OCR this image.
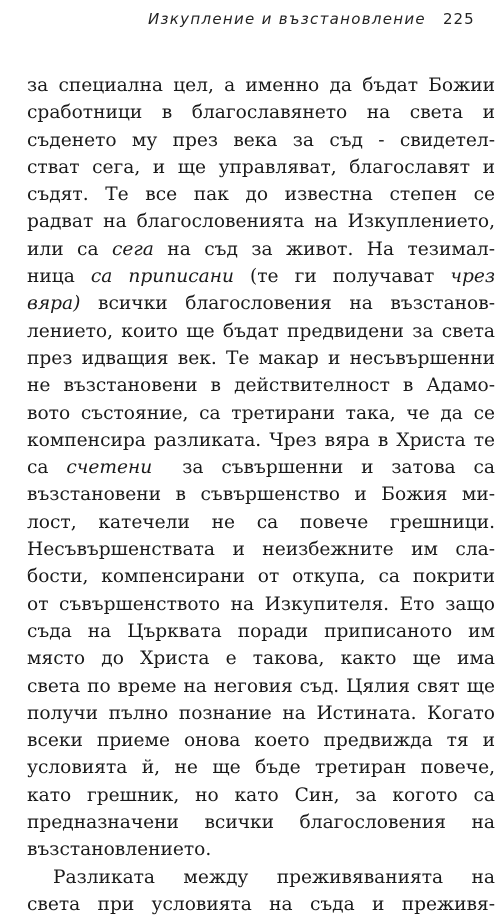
Изкупление и възстановление 225
за специална цел, а именно да бъдат Божии
сработници в благославянето на света и
съденето му през века за съд - свидетел-
стват сега, и ще управляват, благославят и
съдят. Те все пак до известна степен се
радват на благословенията на Изкуплението,
или са сега на съд за живот. На тезимал-
ница са приписани (те ги получават чрез
вяра) всички благословения на възстанов-
лението, които ще бъдат предвидени за света
през идващия век. Те макар и несъвършенни
не възстановени в действителност в Адамо-
вото състояние, са третирани така, че да се
компенсира разликата. Чрез вяра в Христа те
са счетени за съвършенни и затова са
възстановени в съвършенство и Божия ми-
лост, катечели не са повече грешници.
Несъвършенствата и неизбежните им сла-
бости, компенсирани от откупа, са покрити
от съвършенството на Изкупителя. Ето защо
съда на Църквата поради приписаното им
място до Христа е такова, както ще има
света по време на неговия съд. Цялия свят ще
получи пълно познание на Истината. Когато
всеки приеме онова което предвижда тя и
условията й, не ще бъде третиран повече,
като грешник, но като Син, за когото са
предназначени всички благословения на
възстановлението.
Разликата между преживяванията на
света при условията на съда и преживя-
